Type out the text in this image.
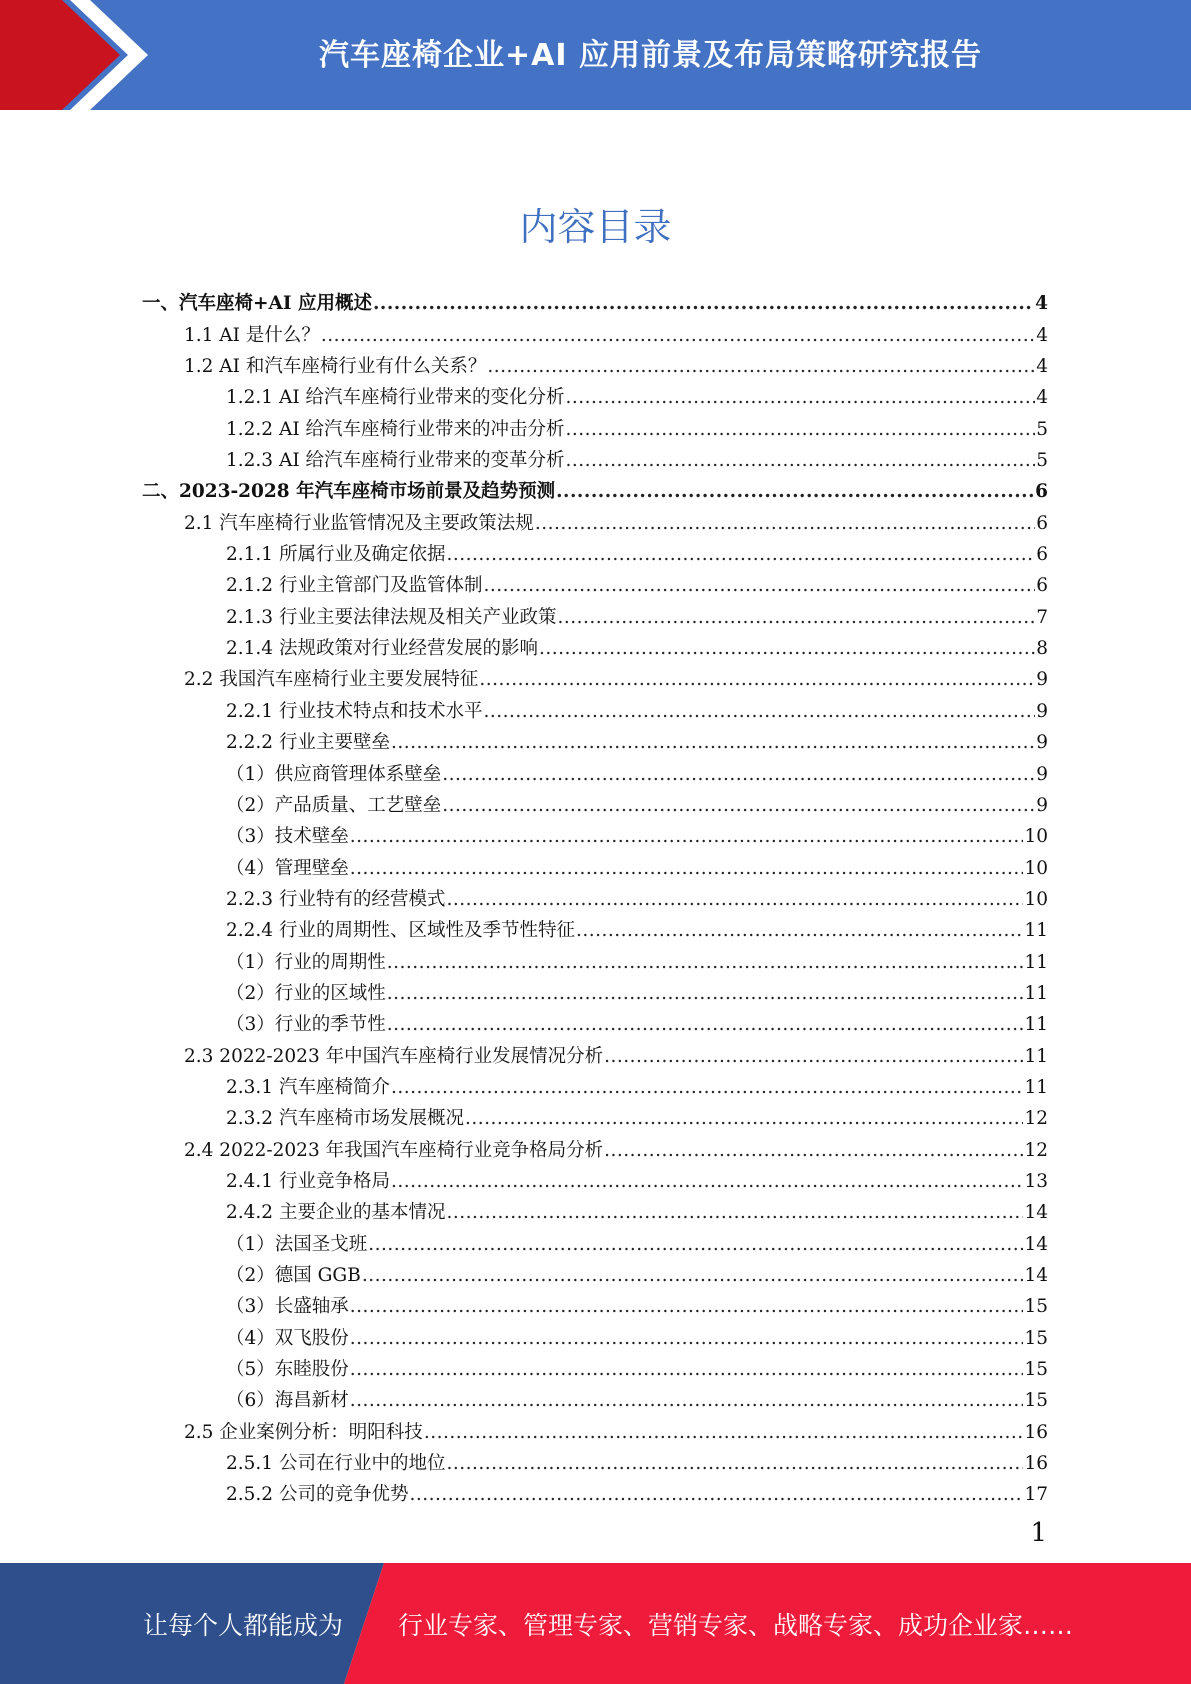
汽车座椅企业+AI 应用前景及布局策略研究报告
内容目录
一、汽车座椅+AI 应用概述 .....	4
1.1 AI 是什么？ .....	4
1.2 AI 和汽车座椅行业有什么关系？ .....	4
1.2.1 AI 给汽车座椅行业带来的变化分析 .....	4
1.2.2 AI 给汽车座椅行业带来的冲击分析 .....	5
1.2.3 AI 给汽车座椅行业带来的变革分析 .....	5
二、2023-2028 年汽车座椅市场前景及趋势预测 .....	6
2.1 汽车座椅行业监管情况及主要政策法规 .....	6
2.1.1 所属行业及确定依据 .....	6
2.1.2 行业主管部门及监管体制 .....	6
2.1.3 行业主要法律法规及相关产业政策 .....	7
2.1.4 法规政策对行业经营发展的影响 .....	8
2.2 我国汽车座椅行业主要发展特征 .....	9
2.2.1 行业技术特点和技术水平 .....	9
2.2.2 行业主要壁垒 .....	9
（1）供应商管理体系壁垒 .....	9
（2）产品质量、工艺壁垒 .....	9
（3）技术壁垒 .....	10
（4）管理壁垒 .....	10
2.2.3 行业特有的经营模式 .....	10
2.2.4 行业的周期性、区域性及季节性特征 .....	11
（1）行业的周期性 .....	11
（2）行业的区域性 .....	11
（3）行业的季节性 .....	11
2.3 2022-2023 年中国汽车座椅行业发展情况分析 .....	11
2.3.1 汽车座椅简介 .....	11
2.3.2 汽车座椅市场发展概况 .....	12
2.4 2022-2023 年我国汽车座椅行业竞争格局分析 .....	12
2.4.1 行业竞争格局 .....	13
2.4.2 主要企业的基本情况 .....	14
（1）法国圣戈班 .....	14
（2）德国 GGB .....	14
（3）长盛轴承 .....	15
（4）双飞股份 .....	15
（5）东睦股份 .....	15
（6）海昌新材 .....	15
2.5 企业案例分析：明阳科技 .....	16
2.5.1 公司在行业中的地位 .....	16
2.5.2 公司的竞争优势 .....	17
1
让每个人都能成为 行业专家、管理专家、营销专家、战略专家、成功企业家……
